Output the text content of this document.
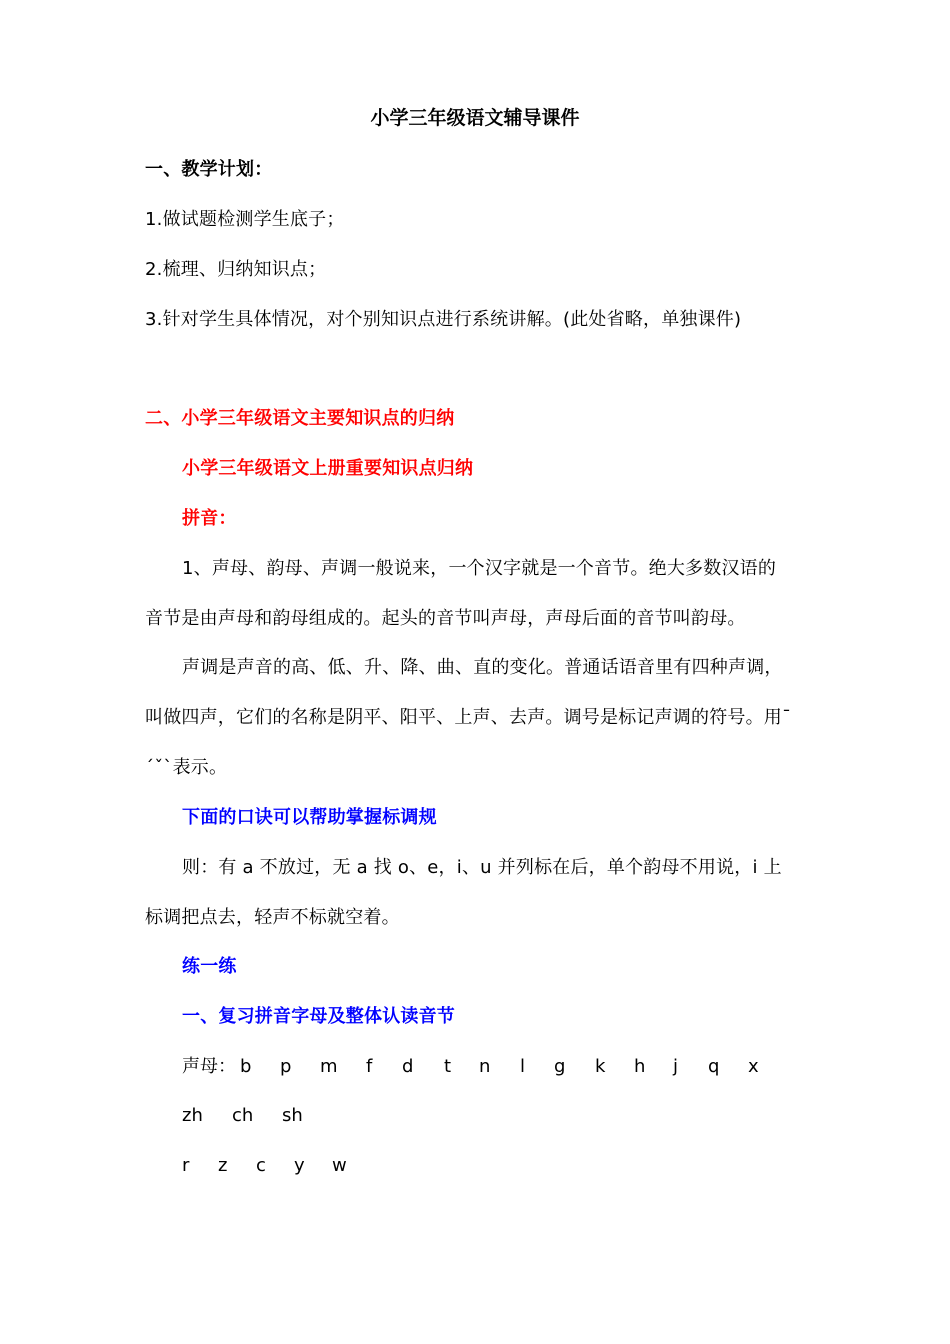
小学三年级语文辅导课件
一、教学计划：
1.做试题检测学生底子；
2.梳理、归纳知识点；
3.针对学生具体情况，对个别知识点进行系统讲解。(此处省略，单独课件)
二、小学三年级语文主要知识点的归纳
小学三年级语文上册重要知识点归纳
拼音：
1、声母、韵母、声调一般说来，一个汉字就是一个音节。绝大多数汉语的
音节是由声母和韵母组成的。起头的音节叫声母，声母后面的音节叫韵母。
声调是声音的高、低、升、降、曲、直的变化。普通话语音里有四种声调，
叫做四声，它们的名称是阴平、阳平、上声、去声。调号是标记声调的符号。用ˉ
ˊˇˋ表示。
下面的口诀可以帮助掌握标调规
则：有 a 不放过，无 a 找 o、e，i、u 并列标在后，单个韵母不用说，i 上
标调把点去，轻声不标就空着。
练一练
一、复习拼音字母及整体认读音节
声母： b p m f d t n l g k h j q x
zh ch sh
r z c y w
